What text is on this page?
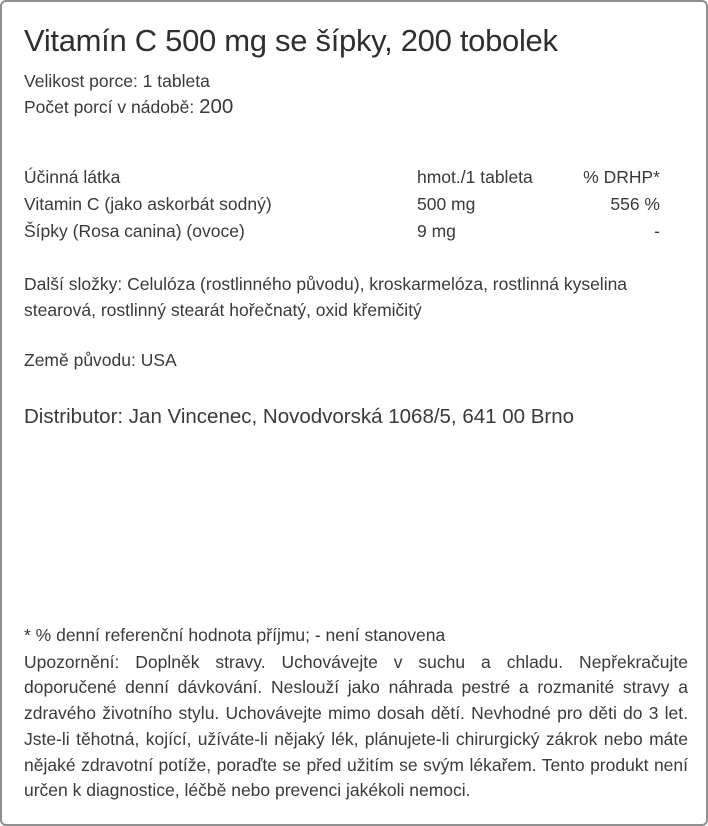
Vitamín C 500 mg se šípky, 200 tobolek
Velikost porce: 1 tableta
Počet porcí v nádobě: 200
Účinná látka	hmot./1 tableta	% DRHP*
Vitamin C (jako askorbát sodný)	500 mg	556 %
Šípky (Rosa canina) (ovoce)	9 mg	-

Další složky: Celulóza (rostlinného původu), kroskarmelóza, rostlinná kyselina stearová, rostlinný stearát hořečnatý, oxid křemičitý

Země původu: USA
Distributor: Jan Vincenec, Novodvorská 1068/5, 641 00 Brno
* % denní referenční hodnota příjmu; - není stanovena

Upozornění: Doplněk stravy. Uchovávejte v suchu a chladu. Nepřekračujte doporučené denní dávkování. Neslouží jako náhrada pestré a rozmanité stravy a zdravého životního stylu. Uchovávejte mimo dosah dětí. Nevhodné pro děti do 3 let. Jste-li těhotná, kojící, užíváte-li nějaký lék, plánujete-li chirurgický zákrok nebo máte nějaké zdravotní potíže, poraďte se před užitím se svým lékařem. Tento produkt není určen k diagnostice, léčbě nebo prevenci jakékoli nemoci.
